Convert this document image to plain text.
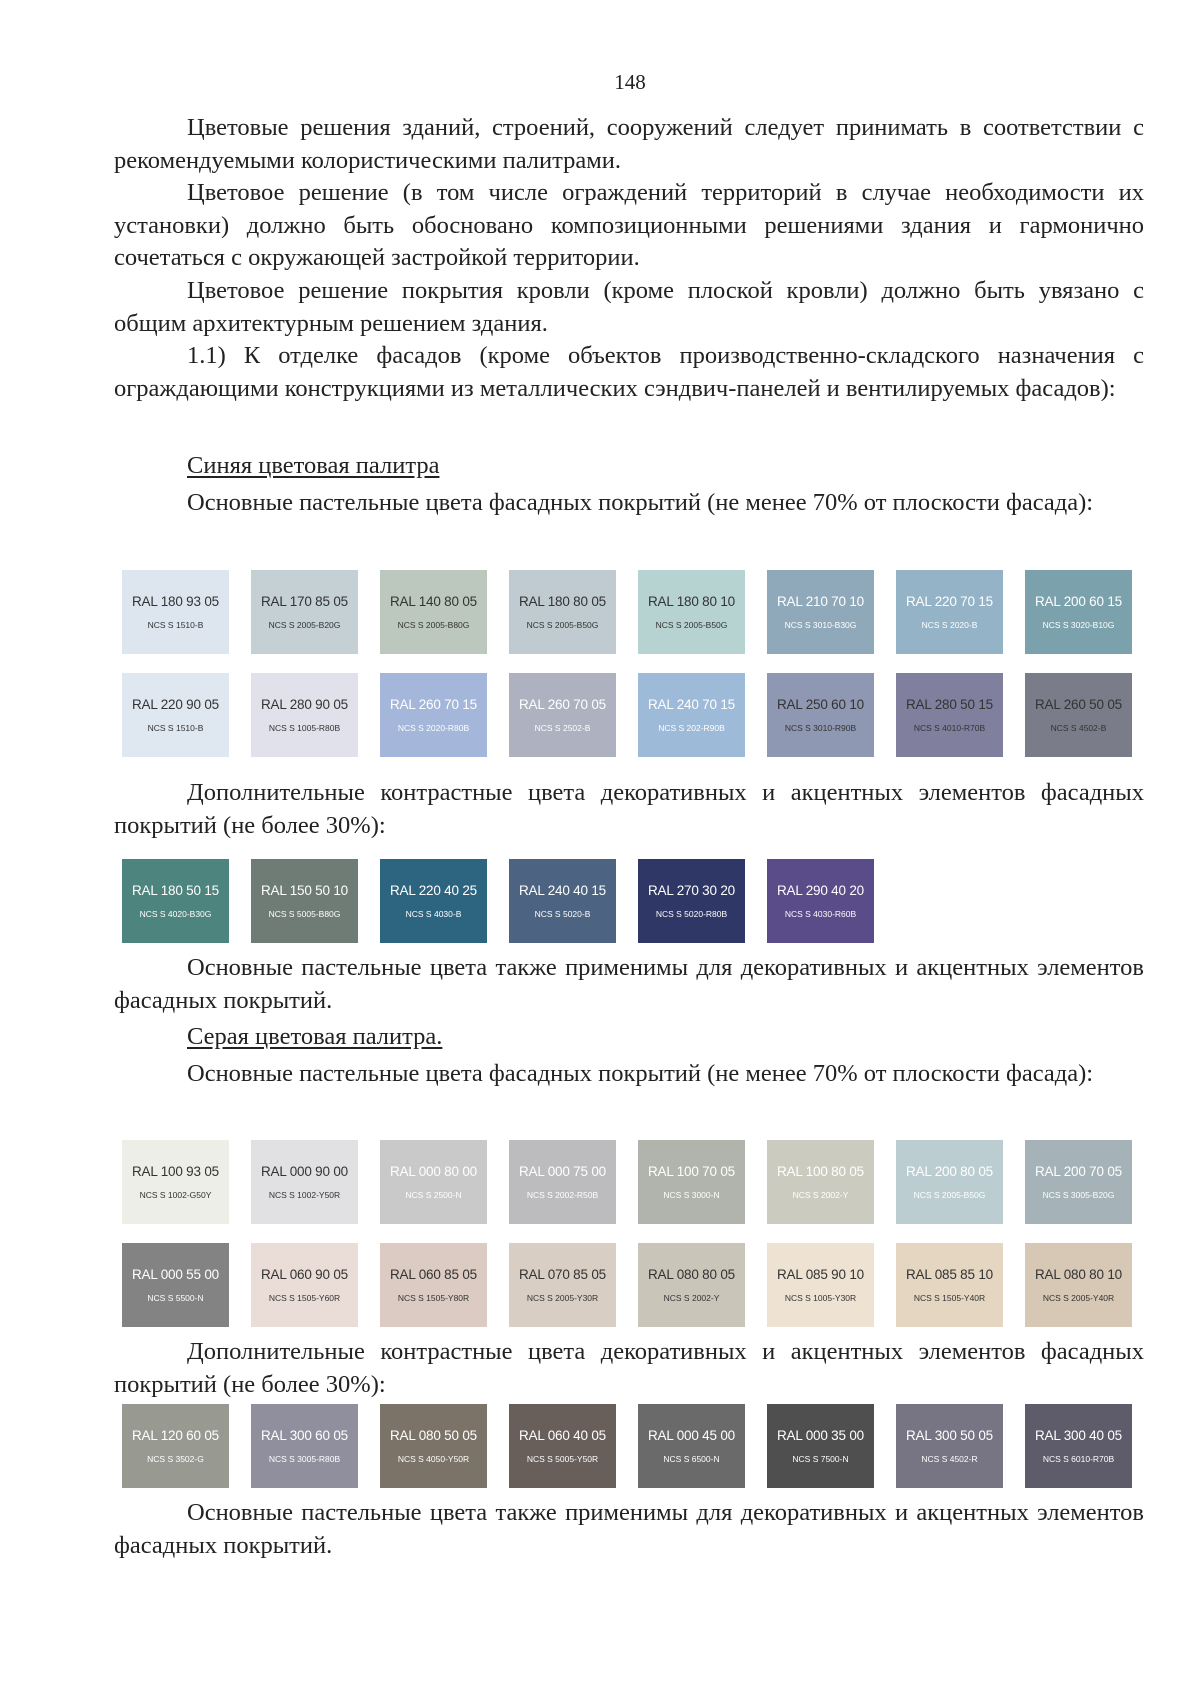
148

Цветовые решения зданий, строений, сооружений следует принимать в соответствии с рекомендуемыми колористическими палитрами.

Цветовое решение (в том числе ограждений территорий в случае необходимости их установки) должно быть обосновано композиционными решениями здания и гармонично сочетаться с окружающей застройкой территории.

Цветовое решение покрытия кровли (кроме плоской кровли) должно быть увязано с общим архитектурным решением здания.

1.1) К отделке фасадов (кроме объектов производственно-складского назначения с ограждающими конструкциями из металлических сэндвич-панелей и вентилируемых фасадов):

Синяя цветовая палитра

Основные пастельные цвета фасадных покрытий (не менее 70% от плоскости фасада):

RAL 180 93 05
NCS S 1510-B
RAL 170 85 05
NCS S 2005-B20G
RAL 140 80 05
NCS S 2005-B80G
RAL 180 80 05
NCS S 2005-B50G
RAL 180 80 10
NCS S 2005-B50G
RAL 210 70 10
NCS S 3010-B30G
RAL 220 70 15
NCS S 2020-B
RAL 200 60 15
NCS S 3020-B10G
RAL 220 90 05
NCS S 1510-B
RAL 280 90 05
NCS S 1005-R80B
RAL 260 70 15
NCS S 2020-R80B
RAL 260 70 05
NCS S 2502-B
RAL 240 70 15
NCS S 202-R90B
RAL 250 60 10
NCS S 3010-R90B
RAL 280 50 15
NCS S 4010-R70B
RAL 260 50 05
NCS S 4502-B

Дополнительные контрастные цвета декоративных и акцентных элементов фасадных покрытий (не более 30%):

RAL 180 50 15
NCS S 4020-B30G
RAL 150 50 10
NCS S 5005-B80G
RAL 220 40 25
NCS S 4030-B
RAL 240 40 15
NCS S 5020-B
RAL 270 30 20
NCS S 5020-R80B
RAL 290 40 20
NCS S 4030-R60B

Основные пастельные цвета также применимы для декоративных и акцентных элементов фасадных покрытий.

Серая цветовая палитра.

Основные пастельные цвета фасадных покрытий (не менее 70% от плоскости фасада):

RAL 100 93 05
NCS S 1002-G50Y
RAL 000 90 00
NCS S 1002-Y50R
RAL 000 80 00
NCS S 2500-N
RAL 000 75 00
NCS S 2002-R50B
RAL 100 70 05
NCS S 3000-N
RAL 100 80 05
NCS S 2002-Y
RAL 200 80 05
NCS S 2005-B50G
RAL 200 70 05
NCS S 3005-B20G
RAL 000 55 00
NCS S 5500-N
RAL 060 90 05
NCS S 1505-Y60R
RAL 060 85 05
NCS S 1505-Y80R
RAL 070 85 05
NCS S 2005-Y30R
RAL 080 80 05
NCS S 2002-Y
RAL 085 90 10
NCS S 1005-Y30R
RAL 085 85 10
NCS S 1505-Y40R
RAL 080 80 10
NCS S 2005-Y40R

Дополнительные контрастные цвета декоративных и акцентных элементов фасадных покрытий (не более 30%):

RAL 120 60 05
NCS S 3502-G
RAL 300 60 05
NCS S 3005-R80B
RAL 080 50 05
NCS S 4050-Y50R
RAL 060 40 05
NCS S 5005-Y50R
RAL 000 45 00
NCS S 6500-N
RAL 000 35 00
NCS S 7500-N
RAL 300 50 05
NCS S 4502-R
RAL 300 40 05
NCS S 6010-R70B

Основные пастельные цвета также применимы для декоративных и акцентных элементов фасадных покрытий.
